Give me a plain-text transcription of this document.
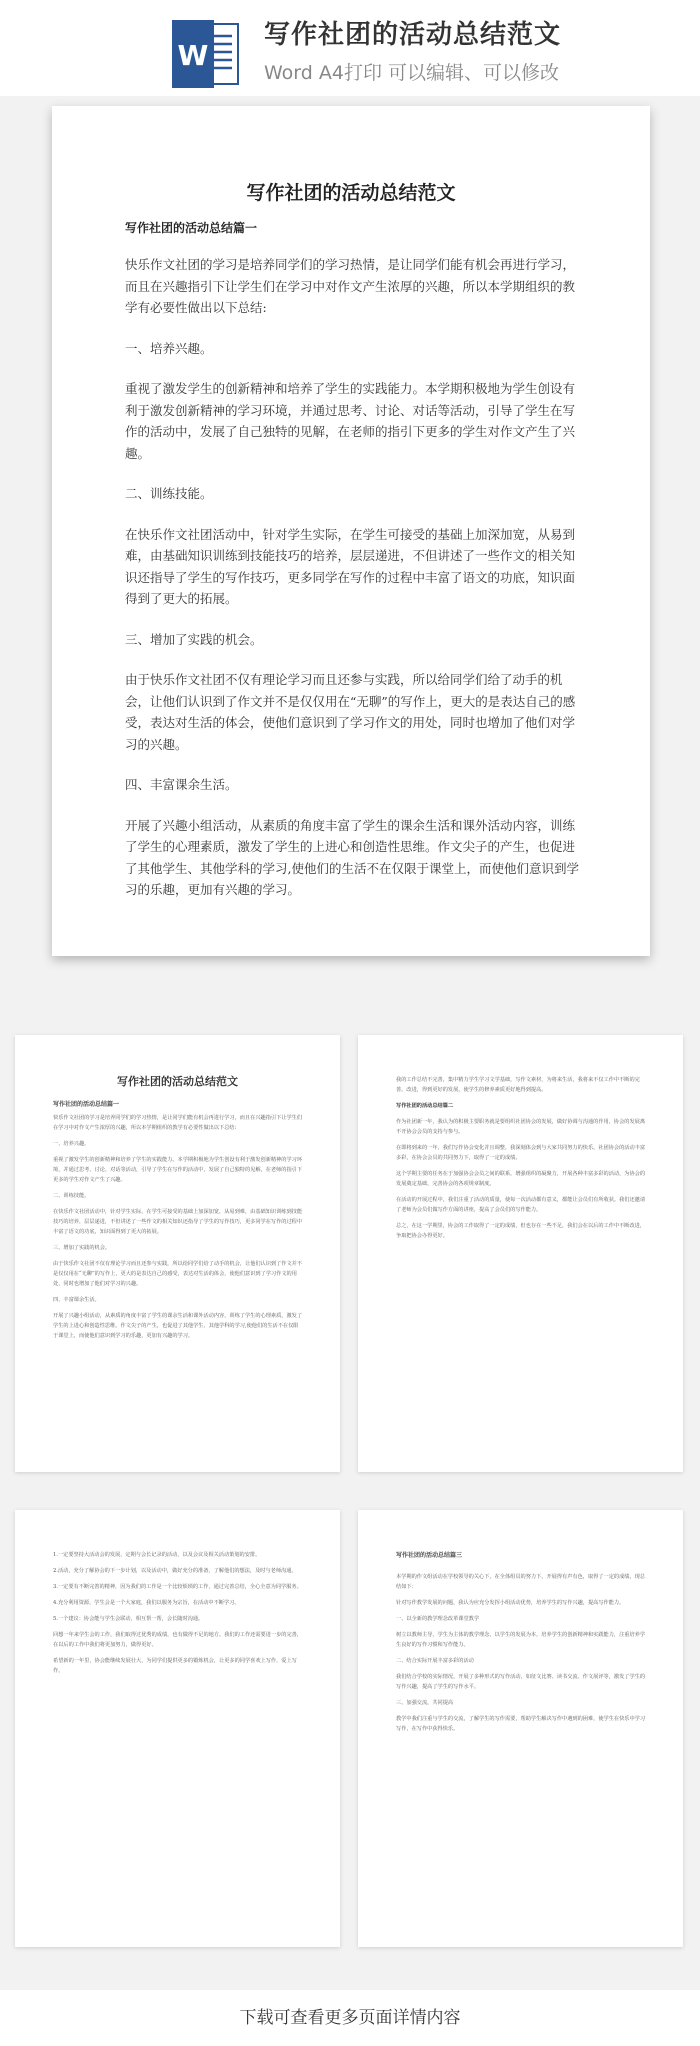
W
写作社团的活动总结范文
Word A4打印 可以编辑、可以修改
写作社团的活动总结范文
写作社团的活动总结篇一

快乐作文社团的学习是培养同学们的学习热情，是让同学们能有机会再进行学习，而且在兴趣指引下让学生们在学习中对作文产生浓厚的兴趣，所以本学期组织的教学有必要性做出以下总结:

一、培养兴趣。

重视了激发学生的创新精神和培养了学生的实践能力。本学期积极地为学生创设有利于激发创新精神的学习环境，并通过思考、讨论、对话等活动，引导了学生在写作的活动中，发展了自己独特的见解，在老师的指引下更多的学生对作文产生了兴趣。

二、训练技能。

在快乐作文社团活动中，针对学生实际，在学生可接受的基础上加深加宽，从易到难，由基础知识训练到技能技巧的培养，层层递进，不但讲述了一些作文的相关知识还指导了学生的写作技巧，更多同学在写作的过程中丰富了语文的功底，知识面得到了更大的拓展。

三、增加了实践的机会。

由于快乐作文社团不仅有理论学习而且还参与实践，所以给同学们给了动手的机会，让他们认识到了作文并不是仅仅用在“无聊”的写作上，更大的是表达自己的感受，表达对生活的体会，使他们意识到了学习作文的用处，同时也增加了他们对学习的兴趣。

四、丰富课余生活。

开展了兴趣小组活动，从素质的角度丰富了学生的课余生活和课外活动内容，训练了学生的心理素质，激发了学生的上进心和创造性思维。作文尖子的产生，也促进了其他学生、其他学科的学习,使他们的生活不在仅限于课堂上，而使他们意识到学习的乐趣，更加有兴趣的学习。

写作社团的活动总结范文
写作社团的活动总结篇一

快乐作文社团的学习是培养同学们的学习热情，是让同学们能有机会再进行学习，而且在兴趣指引下让学生们在学习中对作文产生浓厚的兴趣，所以本学期组织的教学有必要性做出以下总结:

一、培养兴趣。

重视了激发学生的创新精神和培养了学生的实践能力。本学期积极地为学生创设有利于激发创新精神的学习环境，并通过思考、讨论、对话等活动，引导了学生在写作的活动中，发展了自己独特的见解，在老师的指引下更多的学生对作文产生了兴趣。

二、训练技能。

在快乐作文社团活动中，针对学生实际，在学生可接受的基础上加深加宽，从易到难，由基础知识训练到技能技巧的培养，层层递进，不但讲述了一些作文的相关知识还指导了学生的写作技巧，更多同学在写作的过程中丰富了语文的功底，知识面得到了更大的拓展。

三、增加了实践的机会。

由于快乐作文社团不仅有理论学习而且还参与实践，所以给同学们给了动手的机会，让他们认识到了作文并不是仅仅用在“无聊”的写作上，更大的是表达自己的感受，表达对生活的体会，使他们意识到了学习作文的用处，同时也增加了他们对学习的兴趣。

四、丰富课余生活。

开展了兴趣小组活动，从素质的角度丰富了学生的课余生活和课外活动内容，训练了学生的心理素质，激发了学生的上进心和创造性思维。作文尖子的产生，也促进了其他学生、其他学科的学习,使他们的生活不在仅限于课堂上，而使他们意识到学习的乐趣，更加有兴趣的学习。

我的工作总结不完善，集中精力学生学习文学基础，写作文素材，为将来生活，我将来不仅工作中不断的完善。改进，得到更好的发展，使学生的修养素质更好地得到提高。

写作社团的活动总结篇二

作为社团新一年，我认为的积极主要职务就是要组织社团协会的发展，做好协调与沟通的作用，协会的发展离不开协会会员的支持与参与。

在即将到来的一年，我们写作协会变化并且调整，我深刻体会到与大家共同努力的快乐。社团协会的活动丰富多彩，在协会会员的共同努力下，取得了一定的成绩。

这个学期主要的任务在于加强协会会员之间的联系，增强组织的凝聚力，开展各种丰富多彩的活动，为协会的发展奠定基础，完善协会的各项规章制度。

在活动的开展过程中，我们注重了活动的质量，使每一次活动都有意义，都能让会员们有所收获。我们还邀请了老师为会员们做写作方面的讲座，提高了会员们的写作能力。

总之，在这一学期里，协会的工作取得了一定的成绩，但也存在一些不足，我们会在以后的工作中不断改进，争取把协会办得更好。

1.一定要坚持大活动会的发展，定期与会长记录的活动，以及会议及相关活动策划的安排。

2.活动，充分了解协会的下一步计划，以及活动中，做好充分的准备，了解他们的想法，及时与老师沟通。

3.一定要有不断完善的精神，因为我们的工作是一个比较烦琐的工作，通过完善总结，全心全意为同学服务。

4.充分利用资源，学生会是一个大家庭，我们以服务为宗旨，在活动中不断学习。

5.一个建议：协会能与学生会联动，相互帮一帮，会长随时沟通。

回想一年来学生会的工作，我们取得过优秀的成绩，也有做得不足的地方。我们的工作还需要进一步的完善，在以后的工作中我们将更加努力，做得更好。

希望新的一年里，协会能继续发展壮大，为同学们提供更多的锻炼机会，让更多的同学喜欢上写作，爱上写作。

写作社团的活动总结篇三

本学期的作文组活动在学校领导的关心下，在全体组员的努力下，开展得有声有色，取得了一定的成绩，现总结如下：

针对写作教学发展的问题，我认为应充分发挥小组活动优势，培养学生的写作兴趣，提高写作能力。

一、以全新的教学理念改革课堂教学

树立以教师主导、学生为主体的教学理念，以学生的发展为本，培养学生的创新精神和实践能力，注重培养学生良好的写作习惯和写作能力。

二、结合实际开展丰富多彩的活动

我们结合学校的实际情况，开展了多种形式的写作活动，如征文比赛、读书交流、作文展评等，激发了学生的写作兴趣，提高了学生的写作水平。

三、加强交流，共同提高

教学中我们注重与学生的交流，了解学生的写作需要，帮助学生解决写作中遇到的困难，使学生在快乐中学习写作，在写作中获得快乐。

下载可查看更多页面详情内容
